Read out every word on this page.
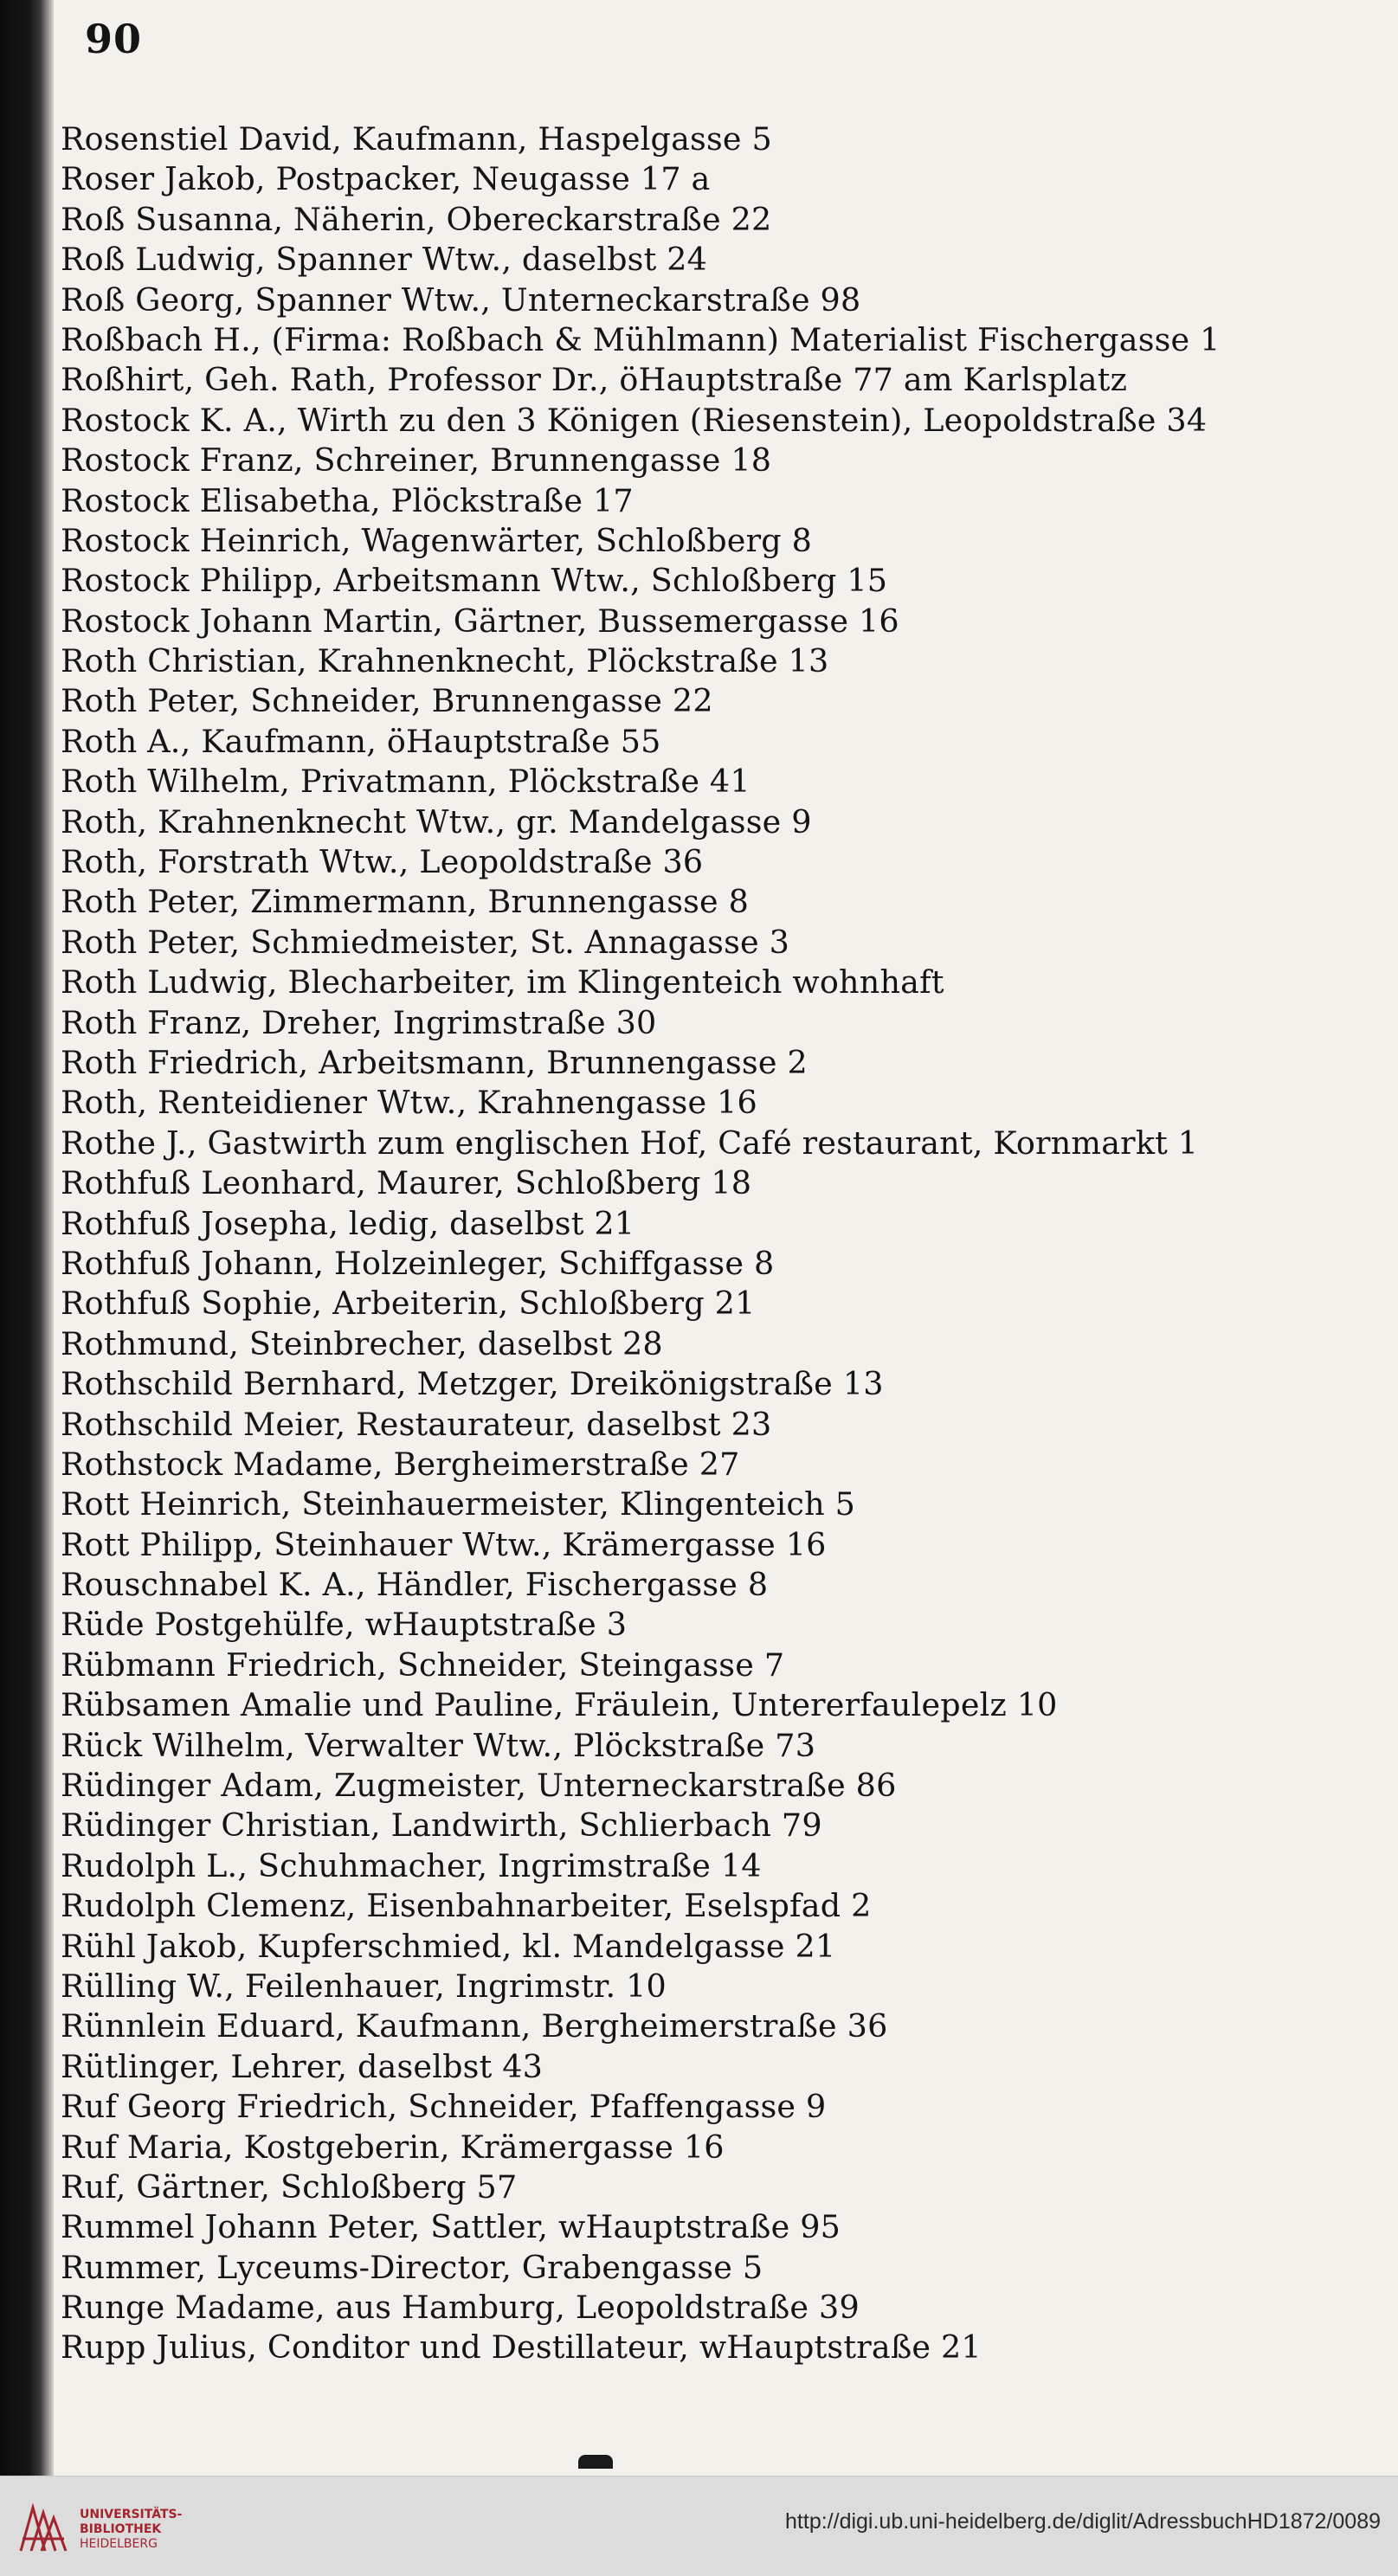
90
Rosenstiel David, Kaufmann, Haspelgasse 5
Roser Jakob, Postpacker, Neugasse 17 a
Roß Susanna, Näherin, Obereckarstraße 22
Roß Ludwig, Spanner Wtw., daselbst 24
Roß Georg, Spanner Wtw., Unterneckarstraße 98
Roßbach H., (Firma: Roßbach & Mühlmann) Materialist Fischergasse 1
Roßhirt, Geh. Rath, Professor Dr., öHauptstraße 77 am Karlsplatz
Rostock K. A., Wirth zu den 3 Königen (Riesenstein), Leopoldstraße 34
Rostock Franz, Schreiner, Brunnengasse 18
Rostock Elisabetha, Plöckstraße 17
Rostock Heinrich, Wagenwärter, Schloßberg 8
Rostock Philipp, Arbeitsmann Wtw., Schloßberg 15
Rostock Johann Martin, Gärtner, Bussemergasse 16
Roth Christian, Krahnenknecht, Plöckstraße 13
Roth Peter, Schneider, Brunnengasse 22
Roth A., Kaufmann, öHauptstraße 55
Roth Wilhelm, Privatmann, Plöckstraße 41
Roth, Krahnenknecht Wtw., gr. Mandelgasse 9
Roth, Forstrath Wtw., Leopoldstraße 36
Roth Peter, Zimmermann, Brunnengasse 8
Roth Peter, Schmiedmeister, St. Annagasse 3
Roth Ludwig, Blecharbeiter, im Klingenteich wohnhaft
Roth Franz, Dreher, Ingrimstraße 30
Roth Friedrich, Arbeitsmann, Brunnengasse 2
Roth, Renteidiener Wtw., Krahnengasse 16
Rothe J., Gastwirth zum englischen Hof, Café restaurant, Kornmarkt 1
Rothfuß Leonhard, Maurer, Schloßberg 18
Rothfuß Josepha, ledig, daselbst 21
Rothfuß Johann, Holzeinleger, Schiffgasse 8
Rothfuß Sophie, Arbeiterin, Schloßberg 21
Rothmund, Steinbrecher, daselbst 28
Rothschild Bernhard, Metzger, Dreikönigstraße 13
Rothschild Meier, Restaurateur, daselbst 23
Rothstock Madame, Bergheimerstraße 27
Rott Heinrich, Steinhauermeister, Klingenteich 5
Rott Philipp, Steinhauer Wtw., Krämergasse 16
Rouschnabel K. A., Händler, Fischergasse 8
Rüde Postgehülfe, wHauptstraße 3
Rübmann Friedrich, Schneider, Steingasse 7
Rübsamen Amalie und Pauline, Fräulein, Untererfaulepelz 10
Rück Wilhelm, Verwalter Wtw., Plöckstraße 73
Rüdinger Adam, Zugmeister, Unterneckarstraße 86
Rüdinger Christian, Landwirth, Schlierbach 79
Rudolph L., Schuhmacher, Ingrimstraße 14
Rudolph Clemenz, Eisenbahnarbeiter, Eselspfad 2
Rühl Jakob, Kupferschmied, kl. Mandelgasse 21
Rülling W., Feilenhauer, Ingrimstr. 10
Rünnlein Eduard, Kaufmann, Bergheimerstraße 36
Rütlinger, Lehrer, daselbst 43
Ruf Georg Friedrich, Schneider, Pfaffengasse 9
Ruf Maria, Kostgeberin, Krämergasse 16
Ruf, Gärtner, Schloßberg 57
Rummel Johann Peter, Sattler, wHauptstraße 95
Rummer, Lyceums-Director, Grabengasse 5
Runge Madame, aus Hamburg, Leopoldstraße 39
Rupp Julius, Conditor und Destillateur, wHauptstraße 21
UNIVERSITÄTS-
BIBLIOTHEK
HEIDELBERG
http://digi.ub.uni-heidelberg.de/diglit/AdressbuchHD1872/0089
